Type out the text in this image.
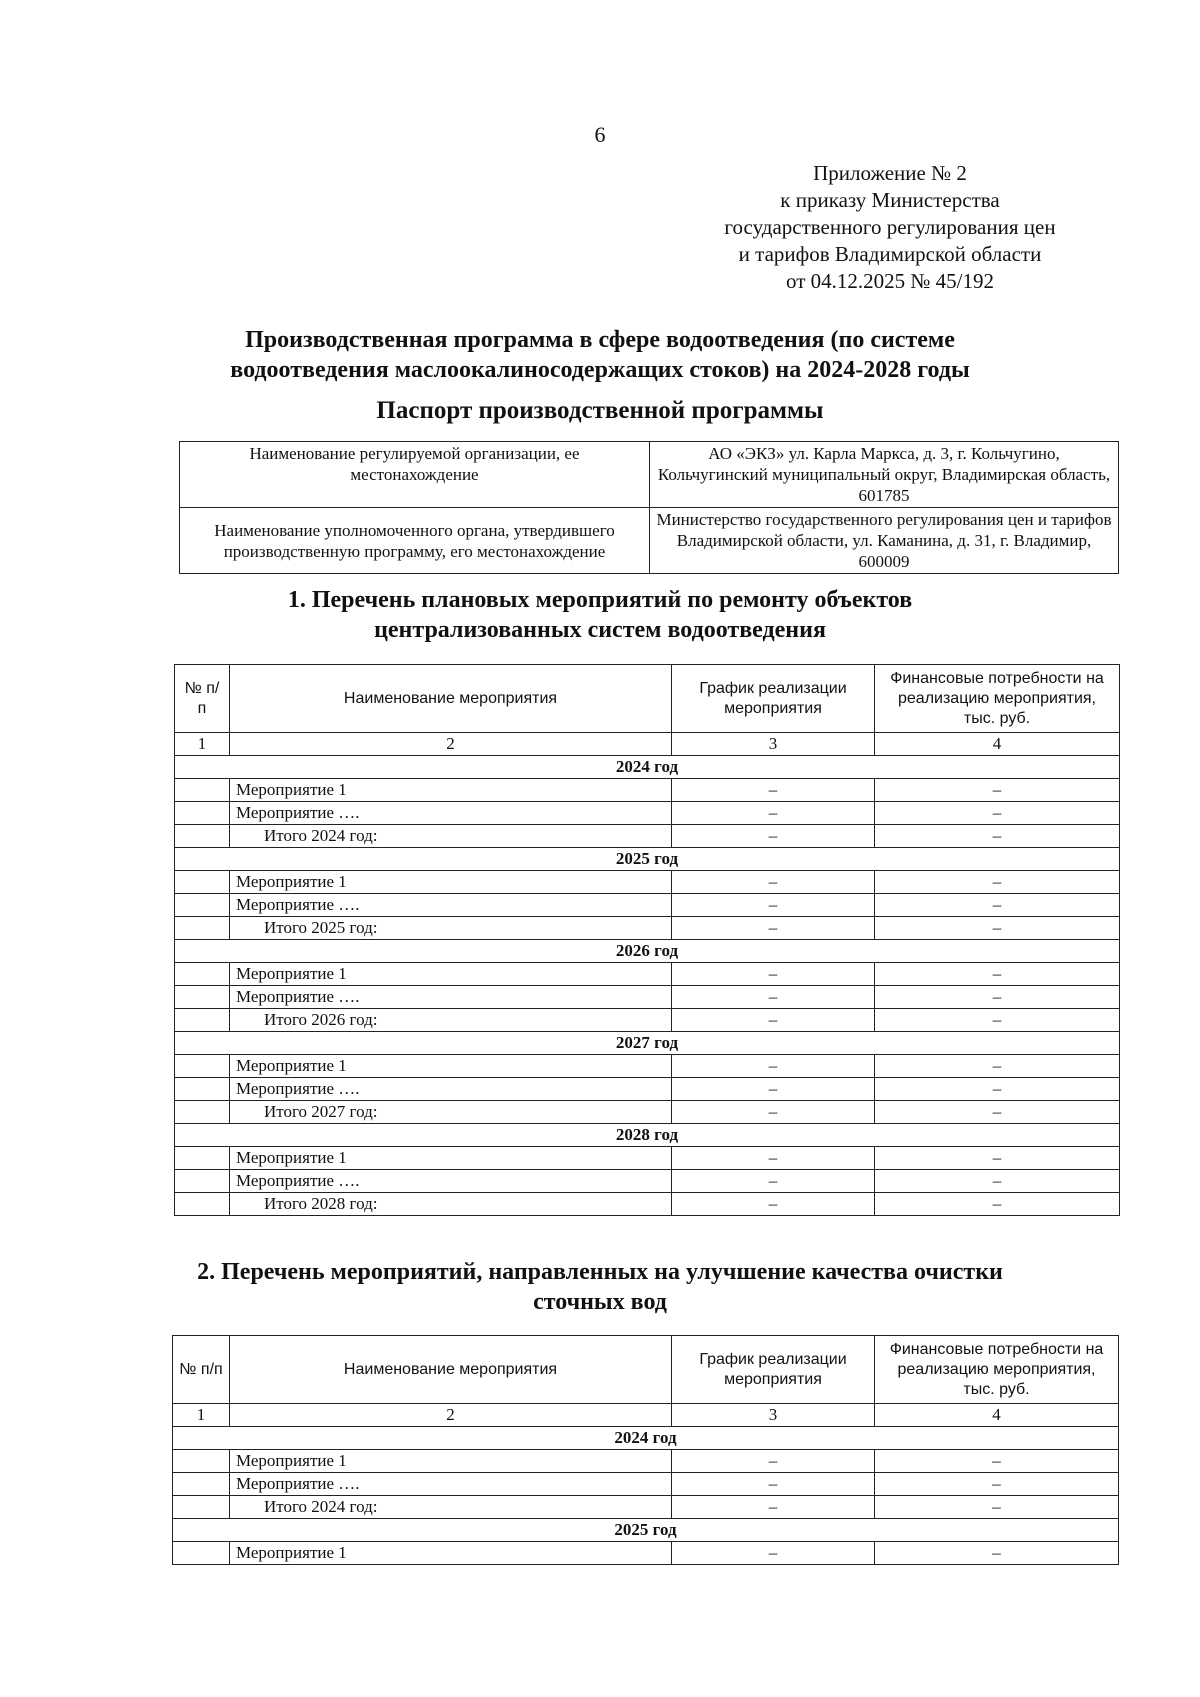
6
Приложение № 2
к приказу Министерства
государственного регулирования цен
и тарифов Владимирской области
от 04.12.2025 № 45/192
Производственная программа в сфере водоотведения (по системе
водоотведения маслоокалиносодержащих стоков) на 2024-2028 годы
Паспорт производственной программы
Наименование регулируемой организации, ее местонахождение	АО «ЭКЗ» ул. Карла Маркса, д. 3, г. Кольчугино, Кольчугинский муниципальный округ, Владимирская область, 601785
Наименование уполномоченного органа, утвердившего производственную программу, его местонахождение	Министерство государственного регулирования цен и тарифов Владимирской области, ул. Каманина, д. 31, г. Владимир, 600009
1. Перечень плановых мероприятий по ремонту объектов
централизованных систем водоотведения
№ п/п	Наименование мероприятия	График реализации мероприятия	Финансовые потребности на реализацию мероприятия, тыс. руб.
1	2	3	4
2024 год			
	Мероприятие 1	–	–
	Мероприятие ….	–	–
	Итого 2024 год:	–	–
2025 год			
	Мероприятие 1	–	–
	Мероприятие ….	–	–
	Итого 2025 год:	–	–
2026 год			
	Мероприятие 1	–	–
	Мероприятие ….	–	–
	Итого 2026 год:	–	–
2027 год			
	Мероприятие 1	–	–
	Мероприятие ….	–	–
	Итого 2027 год:	–	–
2028 год			
	Мероприятие 1	–	–
	Мероприятие ….	–	–
	Итого 2028 год:	–	–
2. Перечень мероприятий, направленных на улучшение качества очистки
сточных вод
№ п/п	Наименование мероприятия	График реализации мероприятия	Финансовые потребности на реализацию мероприятия, тыс. руб.
1	2	3	4
2024 год			
	Мероприятие 1	–	–
	Мероприятие ….	–	–
	Итого 2024 год:	–	–
2025 год			
	Мероприятие 1	–	–
